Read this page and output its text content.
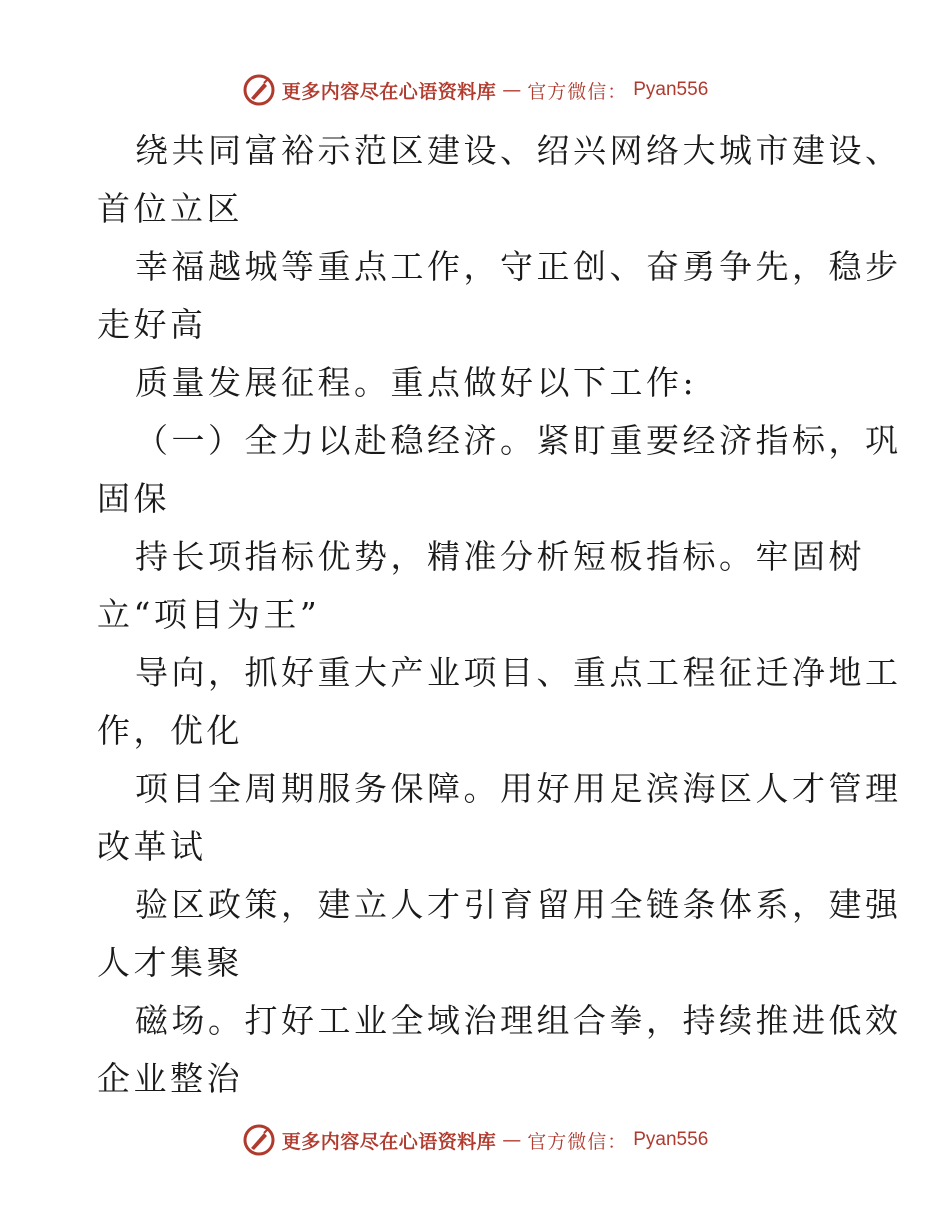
更多内容尽在心语资料库 — 官方微信： Pyan556
绕共同富裕示范区建设、绍兴网络大城市建设、
首位立区
幸福越城等重点工作，守正创、奋勇争先，稳步
走好高
质量发展征程。重点做好以下工作:
（一）全力以赴稳经济。紧盯重要经济指标，巩
固保
持长项指标优势，精准分析短板指标。牢固树
立“项目为王”
导向，抓好重大产业项目、重点工程征迁净地工
作，优化
项目全周期服务保障。用好用足滨海区人才管理
改革试
验区政策，建立人才引育留用全链条体系，建强
人才集聚
磁场。打好工业全域治理组合拳，持续推进低效
企业整治
更多内容尽在心语资料库 — 官方微信： Pyan556
